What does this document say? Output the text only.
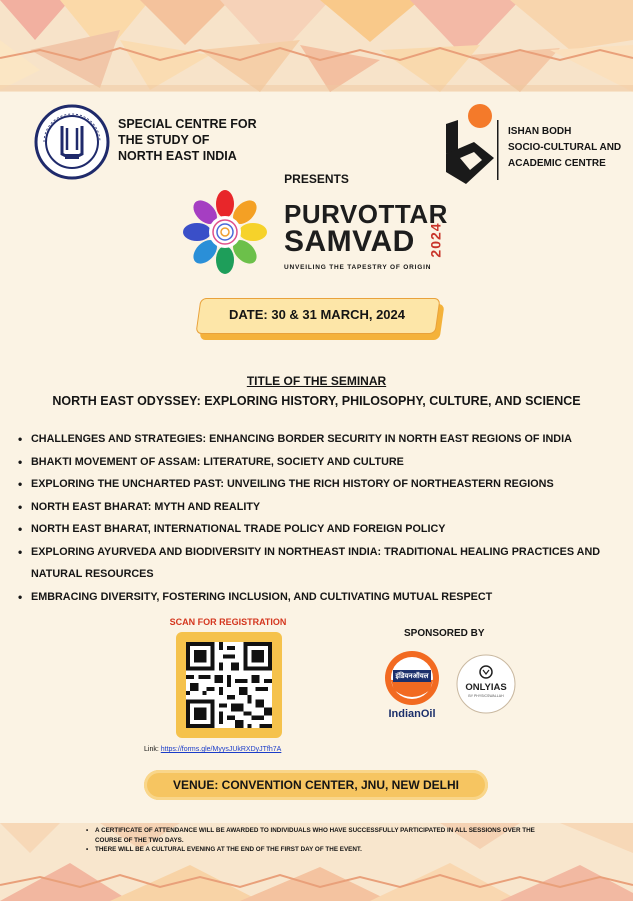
SPECIAL CENTRE FOR
THE STUDY OF
NORTH EAST INDIA
ISHAN BODH
SOCIO-CULTURAL AND
ACADEMIC CENTRE
PRESENTS
PURVOTTAR
SAMVAD 2024
UNVEILING THE TAPESTRY OF ORIGIN
DATE: 30 & 31 MARCH, 2024
TITLE OF THE SEMINAR
NORTH EAST ODYSSEY: EXPLORING HISTORY, PHILOSOPHY, CULTURE, AND SCIENCE
• CHALLENGES AND STRATEGIES: ENHANCING BORDER SECURITY IN NORTH EAST REGIONS OF INDIA
• BHAKTI MOVEMENT OF ASSAM: LITERATURE, SOCIETY AND CULTURE
• EXPLORING THE UNCHARTED PAST: UNVEILING THE RICH HISTORY OF NORTHEASTERN REGIONS
• NORTH EAST BHARAT: MYTH AND REALITY
• NORTH EAST BHARAT, INTERNATIONAL TRADE POLICY AND FOREIGN POLICY
• EXPLORING AYURVEDA AND BIODIVERSITY IN NORTHEAST INDIA: TRADITIONAL HEALING PRACTICES AND NATURAL RESOURCES
• EMBRACING DIVERSITY, FOSTERING INCLUSION, AND CULTIVATING MUTUAL RESPECT
SCAN FOR REGISTRATION
Link: https://forms.gle/MyysJUkRXDyJTfh7A
SPONSORED BY
इंडियनऑयल
IndianOil
ONLYIAS
BY PHYSICSWALLAH
VENUE: CONVENTION CENTER, JNU, NEW DELHI
• A CERTIFICATE OF ATTENDANCE WILL BE AWARDED TO INDIVIDUALS WHO HAVE SUCCESSFULLY PARTICIPATED IN ALL SESSIONS OVER THE COURSE OF THE TWO DAYS.
• THERE WILL BE A CULTURAL EVENING AT THE END OF THE FIRST DAY OF THE EVENT.
